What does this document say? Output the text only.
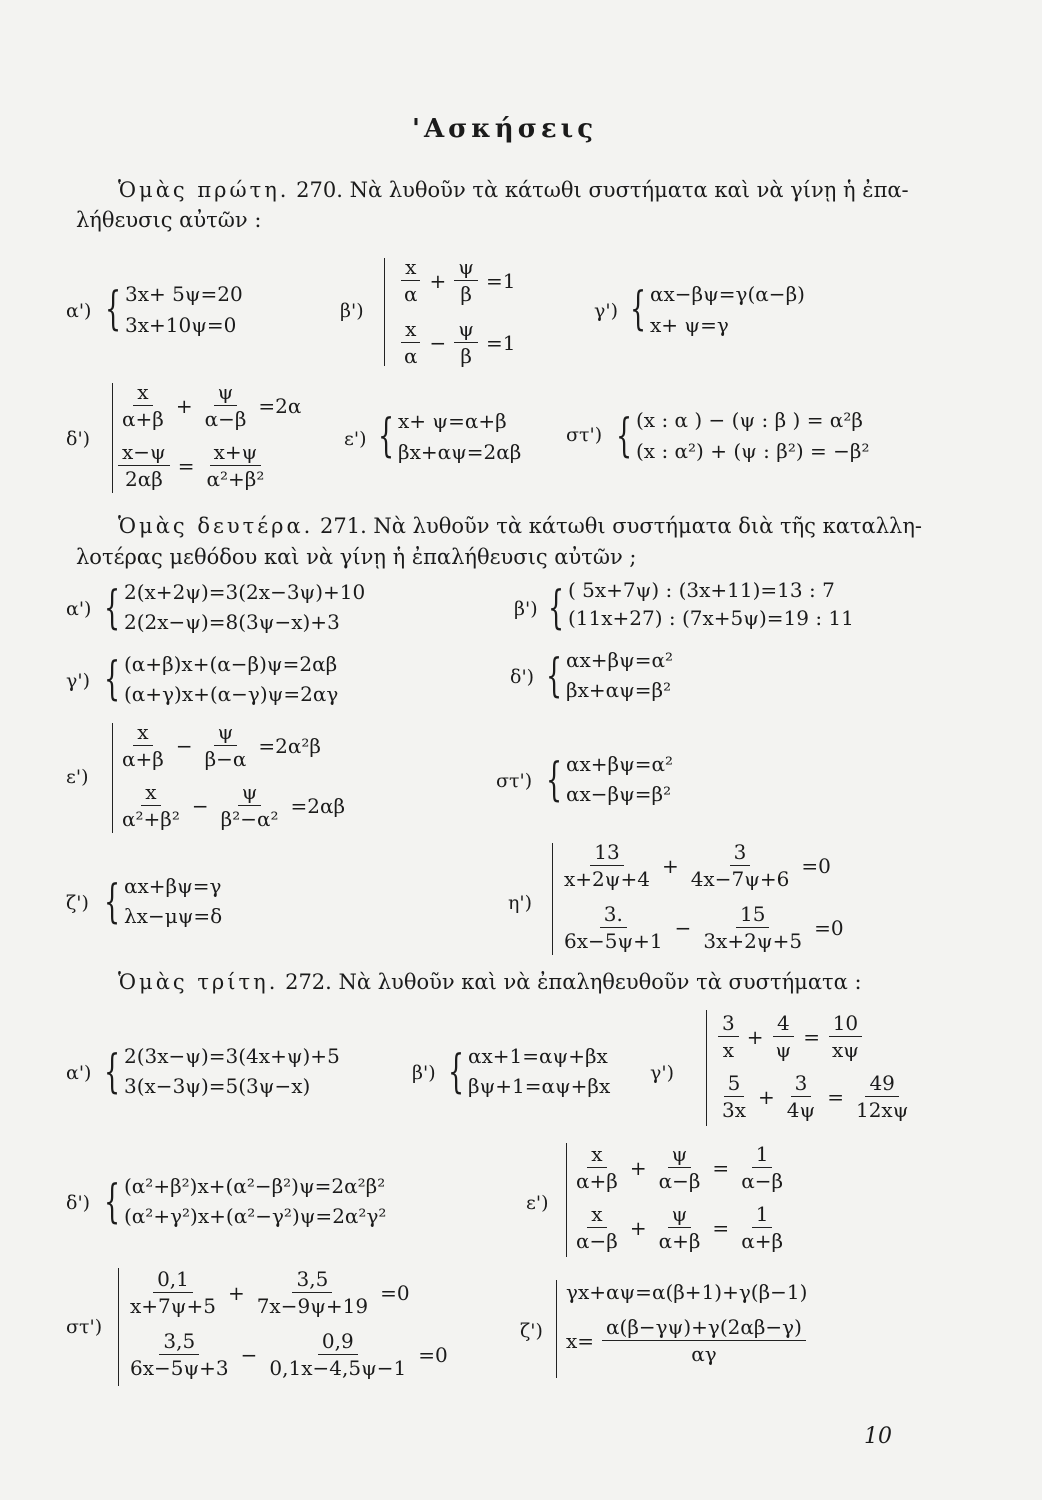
'Ασκήσεις
Ὁμὰς πρώτη. 270. Νὰ λυθοῦν τὰ κάτωθι συστήματα καὶ νὰ γίνῃ ἡ ἐπα-
λήθευσις αὐτῶν :
α') { 3x+ 5ψ=20
3x+10ψ=0
β')
x
α
+ $\frac{\psi}{\beta} =1$
x
α
− $\frac{\psi}{\beta} =1$
γ') { αx−βψ=γ(α−β)
x+ ψ=γ
δ')
x
α+β
+ $\frac{\psi}{\alpha-\beta} =2\alpha$
$\frac{x-\psi}{2\alpha\beta} = \frac{x+\psi}{\text{α²+β²}}$
ε') { x+ ψ=α+β
βx+αψ=2αβ
στ') { (x : α ) − (ψ : β ) = α²β
(x : α²) + (ψ : β²) = −β²
Ὁμὰς δευτέρα. 271. Νὰ λυθοῦν τὰ κάτωθι συστήματα διὰ τῆς καταλλη-
λοτέρας μεθόδου καὶ νὰ γίνῃ ἡ ἐπαλήθευσις αὐτῶν ;
α') { 2(x+2ψ)=3(2x−3ψ)+10
2(2x−ψ)=8(3ψ−x)+3
β') { ( 5x+7ψ) : (3x+11)=13 : 7
(11x+27) : (7x+5ψ)=19 : 11
γ') { (α+β)x+(α−β)ψ=2αβ
(α+γ)x+(α−γ)ψ=2αγ
δ') { αx+βψ=α²
βx+αψ=β²
ε')
x
α+β
− $\frac{\psi}{\beta-\alpha} =2\alpha^2\beta$
x
α²+β²
− $\frac{\psi}{\text{β²−α²}} =2\alpha\beta$
στ') { αx+βψ=α²
αx−βψ=β²
ζ') { αx+βψ=γ
λx−μψ=δ
η')
13
x+2ψ+4
+ $\frac{3}{4x-7\psi+6} =0$
3.
6x−5ψ+1
− $\frac{15}{3x+2\psi+5} =0$
Ὁμὰς τρίτη. 272. Νὰ λυθοῦν καὶ νὰ ἐπαληθευθοῦν τὰ συστήματα :
α') { 2(3x−ψ)=3(4x+ψ)+5
3(x−3ψ)=5(3ψ−x)
β') { αx+1=αψ+βx
βψ+1=αψ+βx
γ')
3
x
+ $\frac{4}{\psi} = \frac{10}{x\psi}$
5
3x
+ $\frac{3}{4\psi} = \frac{49}{12x\psi}$
δ') { (α²+β²)x+(α²−β²)ψ=2α²β²
(α²+γ²)x+(α²−γ²)ψ=2α²γ²
ε')
x
α+β
+ $\frac{\psi}{\alpha-\beta} = \frac{1}{\alpha-\beta}$
x
α−β
+ $\frac{\psi}{\alpha+\beta} = \frac{1}{\alpha+\beta}$
στ')
0,1
x+7ψ+5
+ $\frac{3,5}{7x-9\psi+19} =0$
3,5
6x−5ψ+3
− $\frac{0,9}{0,1x-4,5\psi-1} =0$
ζ')
γx+αψ=α(β+1)+γ(β−1)
$x= \frac{\alpha(\beta-\gamma\psi)+\gamma(2\alpha\beta-\gamma)}{\alpha\gamma}$
10
